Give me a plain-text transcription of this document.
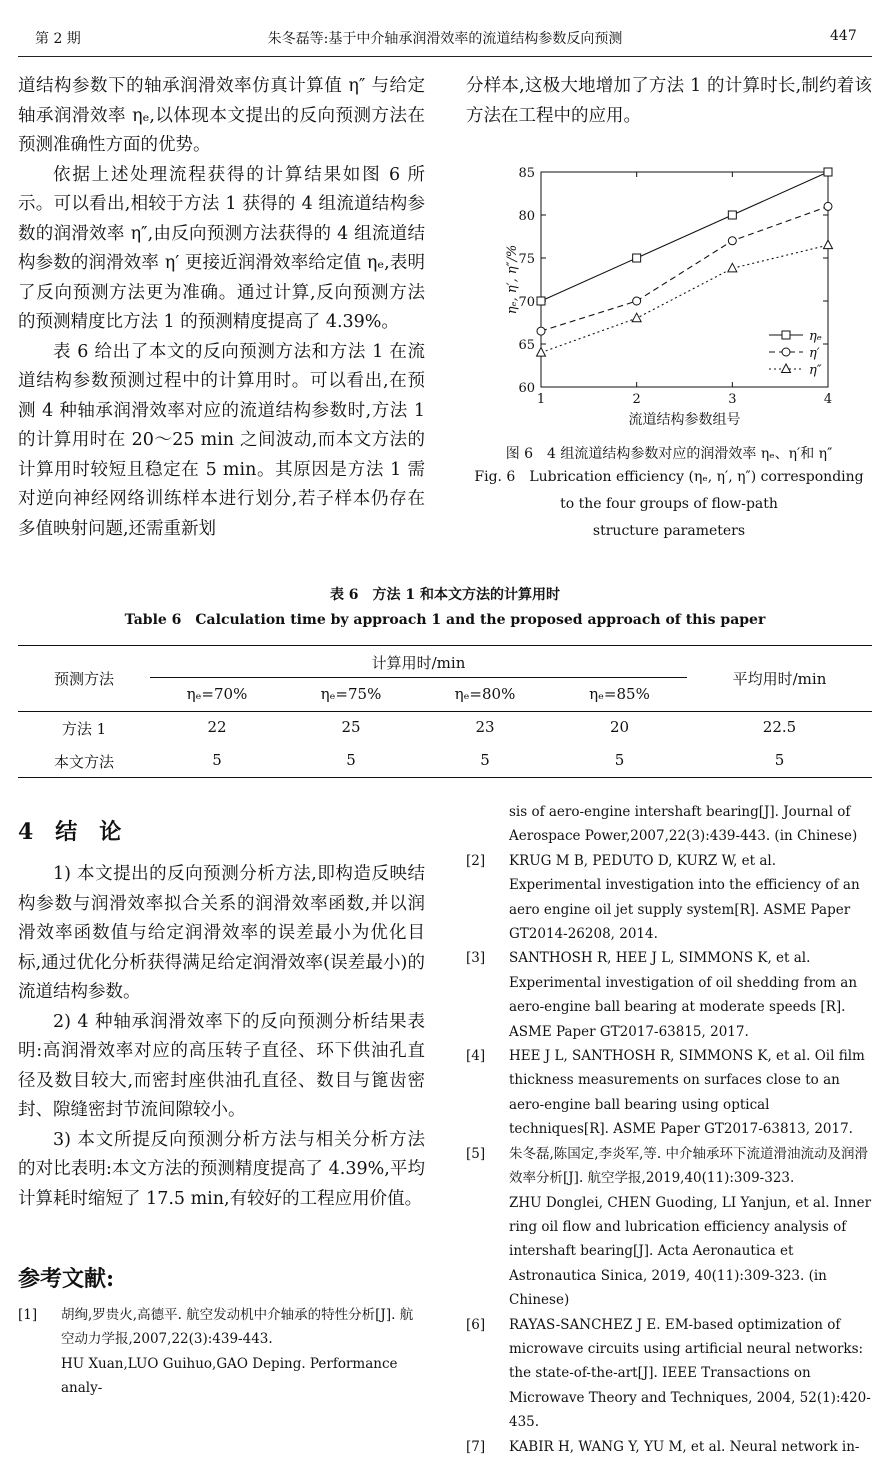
第 2 期	朱冬磊等:基于中介轴承润滑效率的流道结构参数反向预测	447

道结构参数下的轴承润滑效率仿真计算值 η″ 与给定轴承润滑效率 ηₑ,以体现本文提出的反向预测方法在预测准确性方面的优势。

依据上述处理流程获得的计算结果如图 6 所示。可以看出,相较于方法 1 获得的 4 组流道结构参数的润滑效率 η″,由反向预测方法获得的 4 组流道结构参数的润滑效率 η′ 更接近润滑效率给定值 ηₑ,表明了反向预测方法更为准确。通过计算,反向预测方法的预测精度比方法 1 的预测精度提高了 4.39%。

表 6 给出了本文的反向预测方法和方法 1 在流道结构参数预测过程中的计算用时。可以看出,在预测 4 种轴承润滑效率对应的流道结构参数时,方法 1 的计算用时在 20～25 min 之间波动,而本文方法的计算用时较短且稳定在 5 min。其原因是方法 1 需对逆向神经网络训练样本进行划分,若子样本仍存在多值映射问题,还需重新划

分样本,这极大地增加了方法 1 的计算时长,制约着该方法在工程中的应用。
60
65
70
75
80
85
1	2	3	4
流道结构参数组号
ηₑ, η′, η″/%
ηₑ
η′
η″
图 6　4 组流道结构参数对应的润滑效率 ηₑ、η′和 η″
Fig. 6　Lubrication efficiency (ηₑ, η′, η″) corresponding
to the four groups of flow-path
structure parameters
表 6　方法 1 和本文方法的计算用时
Table 6　Calculation time by approach 1 and the proposed approach of this paper
预测方法
计算用时/min
平均用时/min
ηₑ=70%	ηₑ=75%	ηₑ=80%	ηₑ=85%
方法 1	22	25	23	20	22.5
本文方法	5	5	5	5	5
4　结　论

1) 本文提出的反向预测分析方法,即构造反映结构参数与润滑效率拟合关系的润滑效率函数,并以润滑效率函数值与给定润滑效率的误差最小为优化目标,通过优化分析获得满足给定润滑效率(误差最小)的流道结构参数。

2) 4 种轴承润滑效率下的反向预测分析结果表明:高润滑效率对应的高压转子直径、环下供油孔直径及数目较大,而密封座供油孔直径、数目与篦齿密封、隙缝密封节流间隙较小。

3) 本文所提反向预测分析方法与相关分析方法的对比表明:本文方法的预测精度提高了 4.39%,平均计算耗时缩短了 17.5 min,有较好的工程应用价值。

参考文献:
[1] 胡绚,罗贵火,高德平. 航空发动机中介轴承的特性分析[J]. 航空动力学报,2007,22(3):439-443.
HU Xuan,LUO Guihuo,GAO Deping. Performance analy-
sis of aero-engine intershaft bearing[J]. Journal of Aerospace Power,2007,22(3):439-443. (in Chinese)
[2] KRUG M B, PEDUTO D, KURZ W, et al. Experimental investigation into the efficiency of an aero engine oil jet supply system[R]. ASME Paper GT2014-26208, 2014.
[3] SANTHOSH R, HEE J L, SIMMONS K, et al. Experimental investigation of oil shedding from an aero-engine ball bearing at moderate speeds [R]. ASME Paper GT2017-63815, 2017.
[4] HEE J L, SANTHOSH R, SIMMONS K, et al. Oil film thickness measurements on surfaces close to an aero-engine ball bearing using optical techniques[R]. ASME Paper GT2017-63813, 2017.
[5] 朱冬磊,陈国定,李炎军,等. 中介轴承环下流道滑油流动及润滑效率分析[J]. 航空学报,2019,40(11):309-323.
ZHU Donglei, CHEN Guoding, LI Yanjun, et al. Inner ring oil flow and lubrication efficiency analysis of intershaft bearing[J]. Acta Aeronautica et Astronautica Sinica, 2019, 40(11):309-323. (in Chinese)
[6] RAYAS-SANCHEZ J E. EM-based optimization of microwave circuits using artificial neural networks: the state-of-the-art[J]. IEEE Transactions on Microwave Theory and Techniques, 2004, 52(1):420-435.
[7] KABIR H, WANG Y, YU M, et al. Neural network in-
